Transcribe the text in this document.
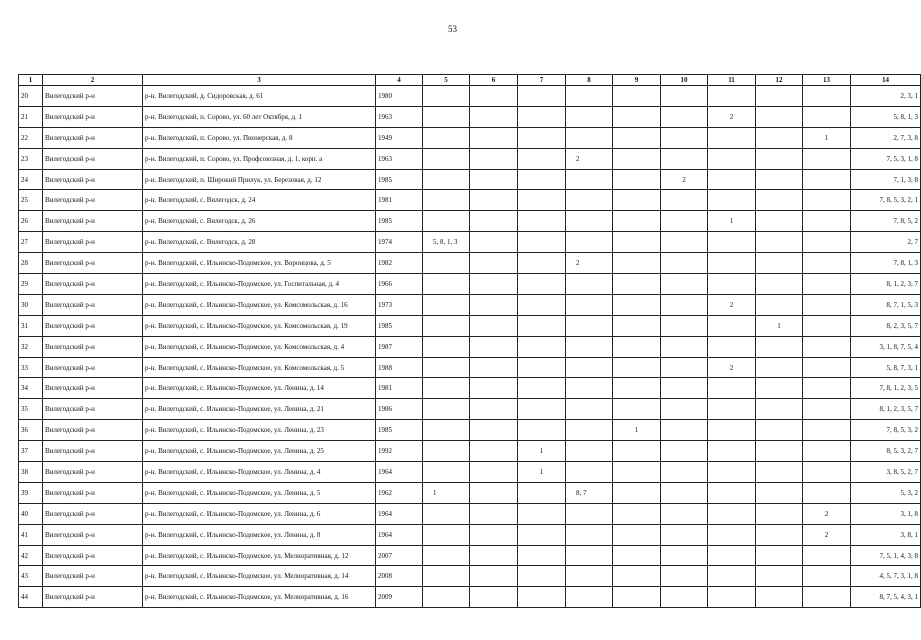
53
1	2	3	4	5	6	7	8	9	10	11	12	13	14
20	Вилегодский р-н	р-н. Вилегодский, д. Сидоровская, д. 61	1980										2, 3, 1
21	Вилегодский р-н	р-н. Вилегодский, п. Сорово, ул. 60 лет Октября, д. 1	1963							2			5, 8, 1, 3
22	Вилегодский р-н	р-н. Вилегодский, п. Сорово, ул. Пионерская, д. 8	1949									1	2, 7, 3, 8
23	Вилегодский р-н	р-н. Вилегодский, п. Сорово, ул. Профсоюзная, д. 1, корп. а	1963				2						7, 5, 3, 1, 8
24	Вилегодский р-н	р-н. Вилегодский, п. Широкий Прилук, ул. Березовая, д. 12	1985						2				7, 1, 3, 8
25	Вилегодский р-н	р-н. Вилегодский, с. Вилегодск, д. 24	1981										7, 8, 5, 3, 2, 1
26	Вилегодский р-н	р-н. Вилегодский, с. Вилегодск, д. 26	1985							1			7, 8, 5, 2
27	Вилегодский р-н	р-н. Вилегодский, с. Вилегодск, д. 28	1974	5, 8, 1, 3									2, 7
28	Вилегодский р-н	р-н. Вилегодский, с. Ильинско-Подомское, ул. Воронцова, д. 5	1982				2						7, 8, 1, 3
29	Вилегодский р-н	р-н. Вилегодский, с. Ильинско-Подомское, ул. Госпитальная, д. 4	1966										8, 1, 2, 3, 7
30	Вилегодский р-н	р-н. Вилегодский, с. Ильинско-Подомское, ул. Комсомольская, д. 16	1973							2			8, 7, 1, 5, 3
31	Вилегодский р-н	р-н. Вилегодский, с. Ильинско-Подомское, ул. Комсомольская, д. 19	1985								1		8, 2, 3, 5, 7
32	Вилегодский р-н	р-н. Вилегодский, с. Ильинско-Подомское, ул. Комсомольская, д. 4	1987										3, 1, 8, 7, 5, 4
33	Вилегодский р-н	р-н. Вилегодский, с. Ильинско-Подомское, ул. Комсомольская, д. 5	1988							2			5, 8, 7, 3, 1
34	Вилегодский р-н	р-н. Вилегодский, с. Ильинско-Подомское, ул. Ленина, д. 14	1981										7, 8, 1, 2, 3, 5
35	Вилегодский р-н	р-н. Вилегодский, с. Ильинско-Подомское, ул. Ленина, д. 21	1986										8, 1, 2, 3, 5, 7
36	Вилегодский р-н	р-н. Вилегодский, с. Ильинско-Подомское, ул. Ленина, д. 23	1985					1					7, 8, 5, 3, 2
37	Вилегодский р-н	р-н. Вилегодский, с. Ильинско-Подомское, ул. Ленина, д. 25	1992			1							8, 5, 3, 2, 7
38	Вилегодский р-н	р-н. Вилегодский, с. Ильинско-Подомское, ул. Ленина, д. 4	1964			1							3, 8, 5, 2, 7
39	Вилегодский р-н	р-н. Вилегодский, с. Ильинско-Подомское, ул. Ленина, д. 5	1962	1			8, 7						5, 3, 2
40	Вилегодский р-н	р-н. Вилегодский, с. Ильинско-Подомское, ул. Ленина, д. 6	1964									2	3, 1, 8
41	Вилегодский р-н	р-н. Вилегодский, с. Ильинско-Подомское, ул. Ленина, д. 8	1964									2	3, 8, 1
42	Вилегодский р-н	р-н. Вилегодский, с. Ильинско-Подомское, ул. Мелиоративная, д. 12	2007										7, 5, 1, 4, 3, 8
43	Вилегодский р-н	р-н. Вилегодский, с. Ильинско-Подомское, ул. Мелиоративная, д. 14	2008										4, 5, 7, 3, 1, 8
44	Вилегодский р-н	р-н. Вилегодский, с. Ильинско-Подомское, ул. Мелиоративная, д. 16	2009										8, 7, 5, 4, 3, 1
